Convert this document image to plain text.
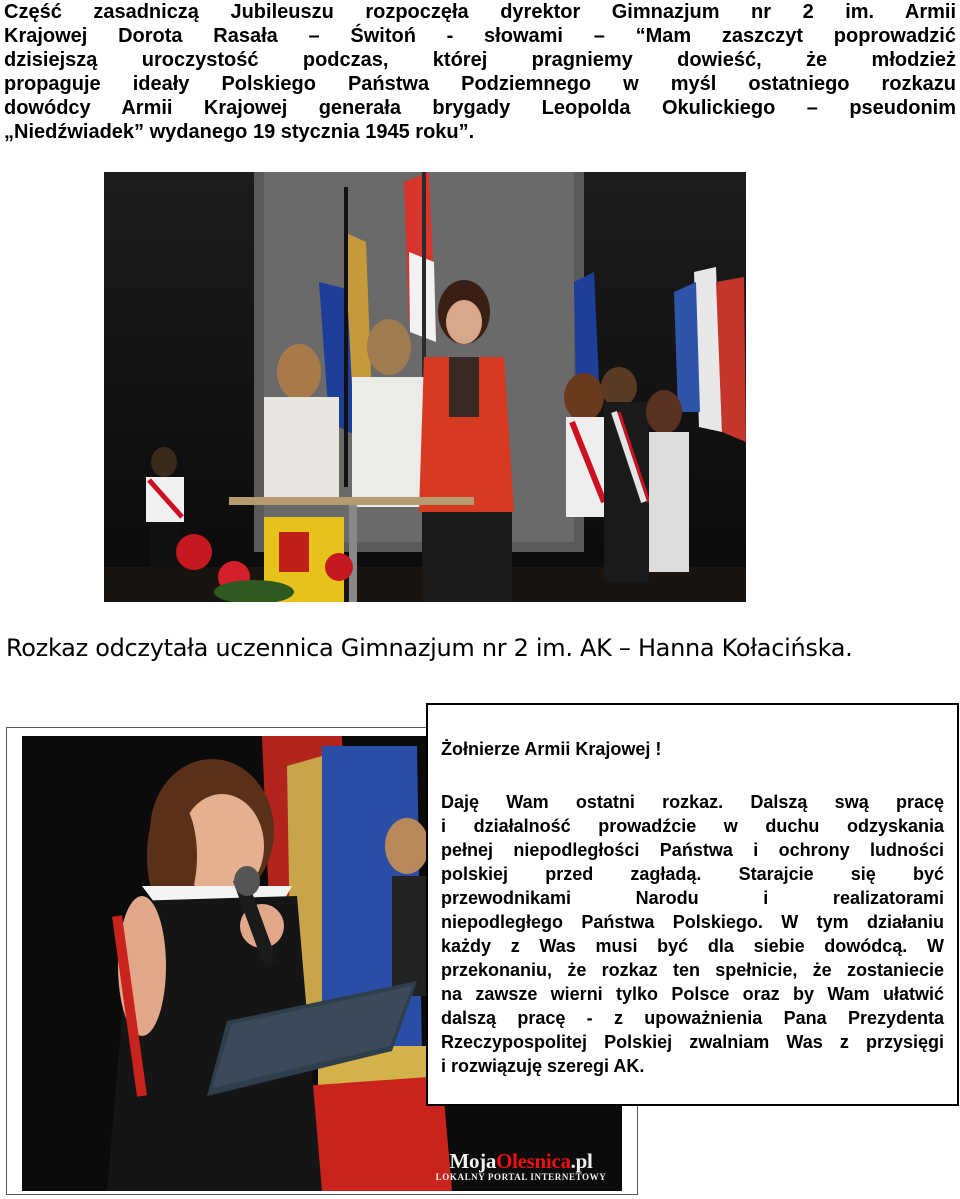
Część zasadniczą Jubileuszu rozpoczęła dyrektor Gimnazjum nr 2 im. Armii
Krajowej Dorota Rasała – Świtoń - słowami – “Mam zaszczyt poprowadzić
dzisiejszą uroczystość podczas, której pragniemy dowieść, że młodzież
propaguje ideały Polskiego Państwa Podziemnego w myśl ostatniego rozkazu
dowódcy Armii Krajowej generała brygady Leopolda Okulickiego – pseudonim
„Niedźwiadek” wydanego 19 stycznia 1945 roku”.
Rozkaz odczytała uczennica Gimnazjum nr 2 im. AK – Hanna Kołacińska.
MojaOlesnica.pl
LOKALNY PORTAL INTERNETOWY
Żołnierze Armii Krajowej !
Daję Wam ostatni rozkaz. Dalszą swą pracę
i działalność prowadźcie w duchu odzyskania
pełnej niepodległości Państwa i ochrony ludności
polskiej przed zagładą. Starajcie się być
przewodnikami Narodu i realizatorami
niepodległego Państwa Polskiego. W tym działaniu
każdy z Was musi być dla siebie dowódcą. W
przekonaniu, że rozkaz ten spełnicie, że zostaniecie
na zawsze wierni tylko Polsce oraz by Wam ułatwić
dalszą pracę - z upoważnienia Pana Prezydenta
Rzeczypospolitej Polskiej zwalniam Was z przysięgi
i rozwiązuję szeregi AK.
